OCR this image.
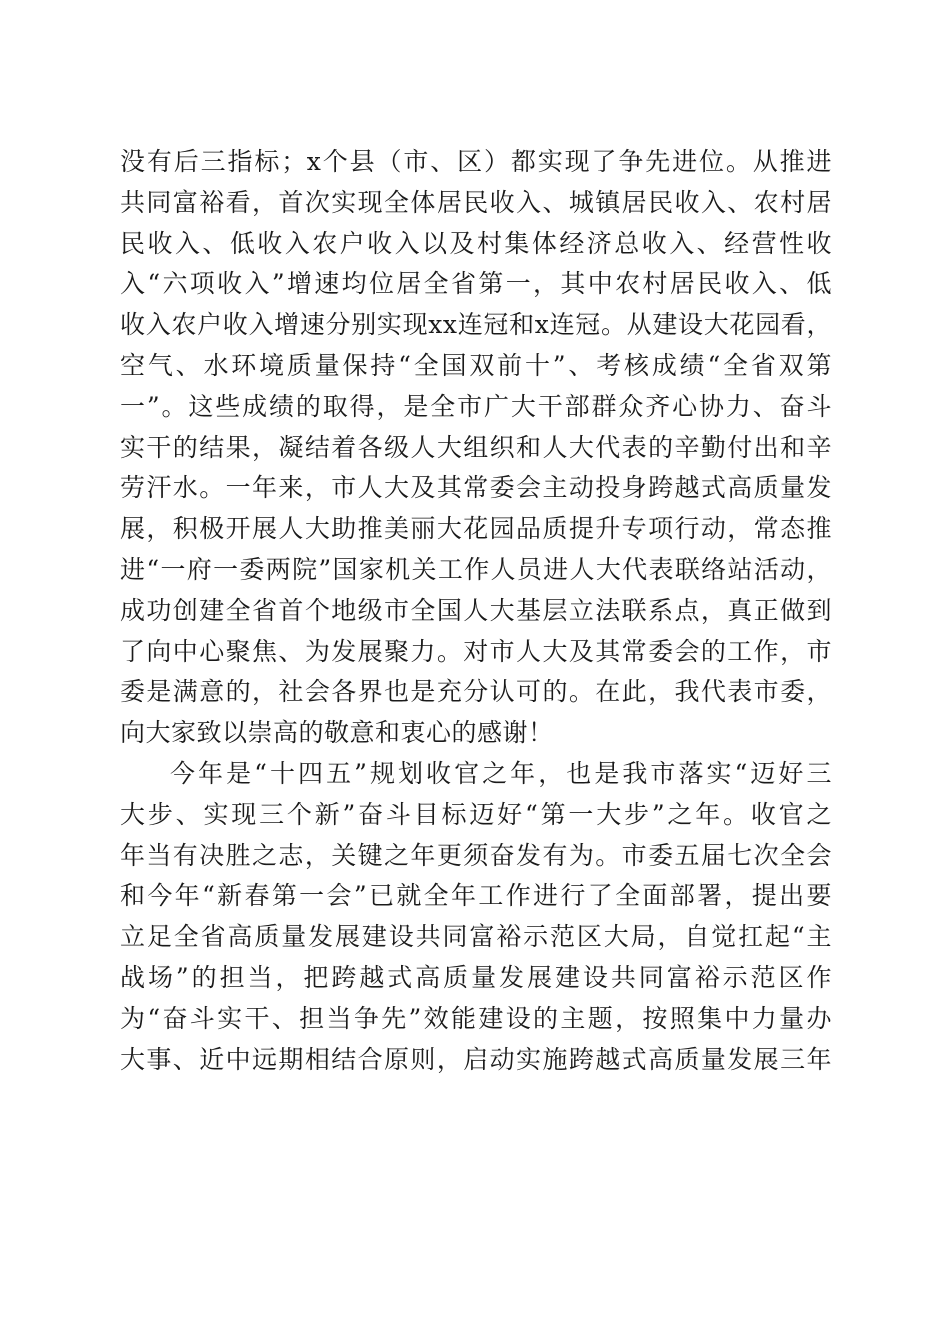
没有后三指标；x个县（市、区）都实现了争先进位。从推进
共同富裕看，首次实现全体居民收入、城镇居民收入、农村居
民收入、低收入农户收入以及村集体经济总收入、经营性收
入“六项收入”增速均位居全省第一，其中农村居民收入、低
收入农户收入增速分别实现xx连冠和x连冠。从建设大花园看，
空气、水环境质量保持“全国双前十”、考核成绩“全省双第
一”。这些成绩的取得，是全市广大干部群众齐心协力、奋斗
实干的结果，凝结着各级人大组织和人大代表的辛勤付出和辛
劳汗水。一年来，市人大及其常委会主动投身跨越式高质量发
展，积极开展人大助推美丽大花园品质提升专项行动，常态推
进“一府一委两院”国家机关工作人员进人大代表联络站活动，
成功创建全省首个地级市全国人大基层立法联系点，真正做到
了向中心聚焦、为发展聚力。对市人大及其常委会的工作，市
委是满意的，社会各界也是充分认可的。在此，我代表市委，
向大家致以崇高的敬意和衷心的感谢！
今年是“十四五”规划收官之年，也是我市落实“迈好三
大步、实现三个新”奋斗目标迈好“第一大步”之年。收官之
年当有决胜之志，关键之年更须奋发有为。市委五届七次全会
和今年“新春第一会”已就全年工作进行了全面部署，提出要
立足全省高质量发展建设共同富裕示范区大局，自觉扛起“主
战场”的担当，把跨越式高质量发展建设共同富裕示范区作
为“奋斗实干、担当争先”效能建设的主题，按照集中力量办
大事、近中远期相结合原则，启动实施跨越式高质量发展三年
